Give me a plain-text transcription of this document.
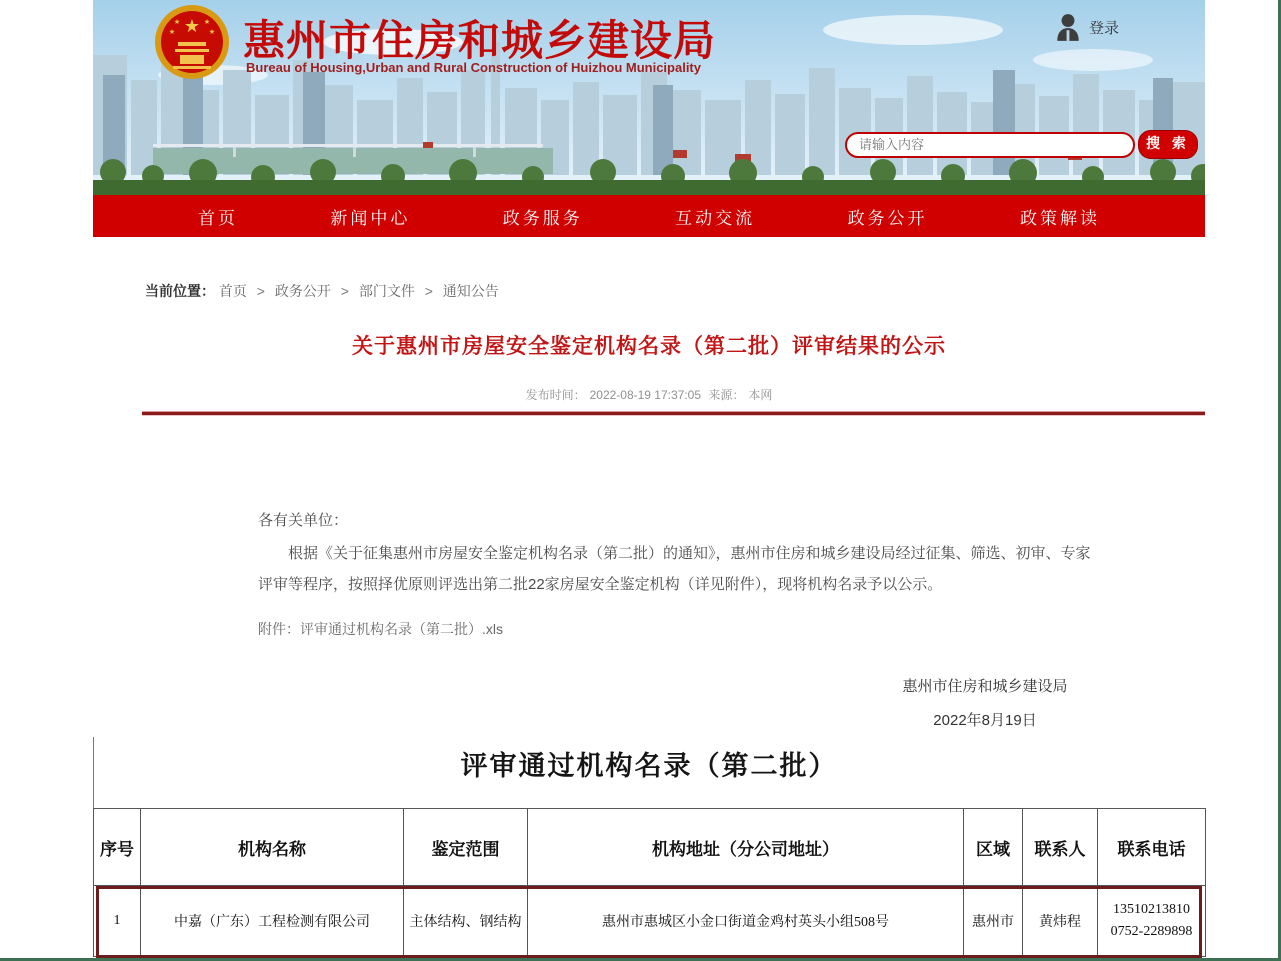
★
★	★
★	★ 惠州市住房和城乡建设局
Bureau of Housing,Urban and Rural Construction of Huizhou Municipality
登录
请输入内容
搜 索
首页	新闻中心	政务服务	互动交流	政务公开	政策解读
当前位置： 首页 > 政务公开 > 部门文件 > 通知公告
关于惠州市房屋安全鉴定机构名录（第二批）评审结果的公示
发布时间： 2022-08-19 17:37:05 来源： 本网
各有关单位：
根据《关于征集惠州市房屋安全鉴定机构名录（第二批）的通知》，惠州市住房和城乡建设局经过征集、筛选、初审、专家评审等程序，按照择优原则评选出第二批22家房屋安全鉴定机构（详见附件），现将机构名录予以公示。
附件：评审通过机构名录（第二批）.xls
惠州市住房和城乡建设局
2022年8月19日
评审通过机构名录（第二批）
序号	机构名称	鉴定范围	机构地址（分公司地址）	区域	联系人	联系电话
1	中嘉（广东）工程检测有限公司	主体结构、钢结构	惠州市惠城区小金口街道金鸡村英头小组508号	惠州市	黄炜程	13510213810
0752-2289898
